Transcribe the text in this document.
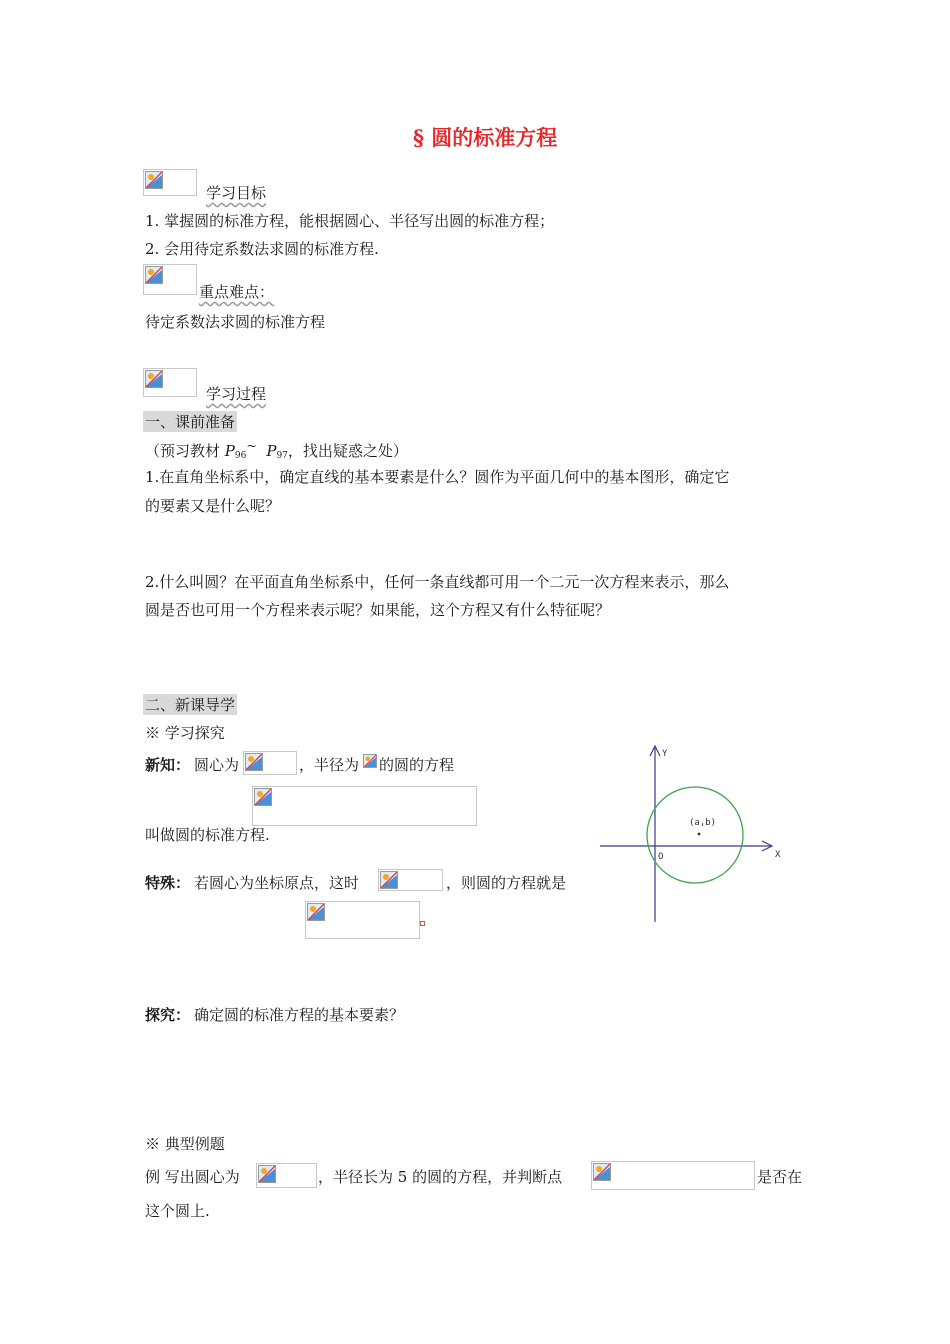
§ 圆的标准方程
学习目标
1. 掌握圆的标准方程，能根据圆心、半径写出圆的标准方程；
2. 会用待定系数法求圆的标准方程.
重点难点：
待定系数法求圆的标准方程
学习过程
一、课前准备
（预习教材 $P_{96}^\sim$ $P_{97}$，找出疑惑之处）
1.在直角坐标系中，确定直线的基本要素是什么？圆作为平面几何中的基本图形，确定它
的要素又是什么呢？
2.什么叫圆？在平面直角坐标系中，任何一条直线都可用一个二元一次方程来表示，那么
圆是否也可用一个方程来表示呢？如果能，这个方程又有什么特征呢？
二、新课导学
※ 学习探究
新知： 圆心为	，半径为 的圆的方程
叫做圆的标准方程.
特殊： 若圆心为坐标原点，这时	，则圆的方程就是
Y
X
O
(a,b)
探究： 确定圆的标准方程的基本要素？
※ 典型例题
例 写出圆心为	，半径长为 5 的圆的方程，并判断点	是否在
这个圆上.
